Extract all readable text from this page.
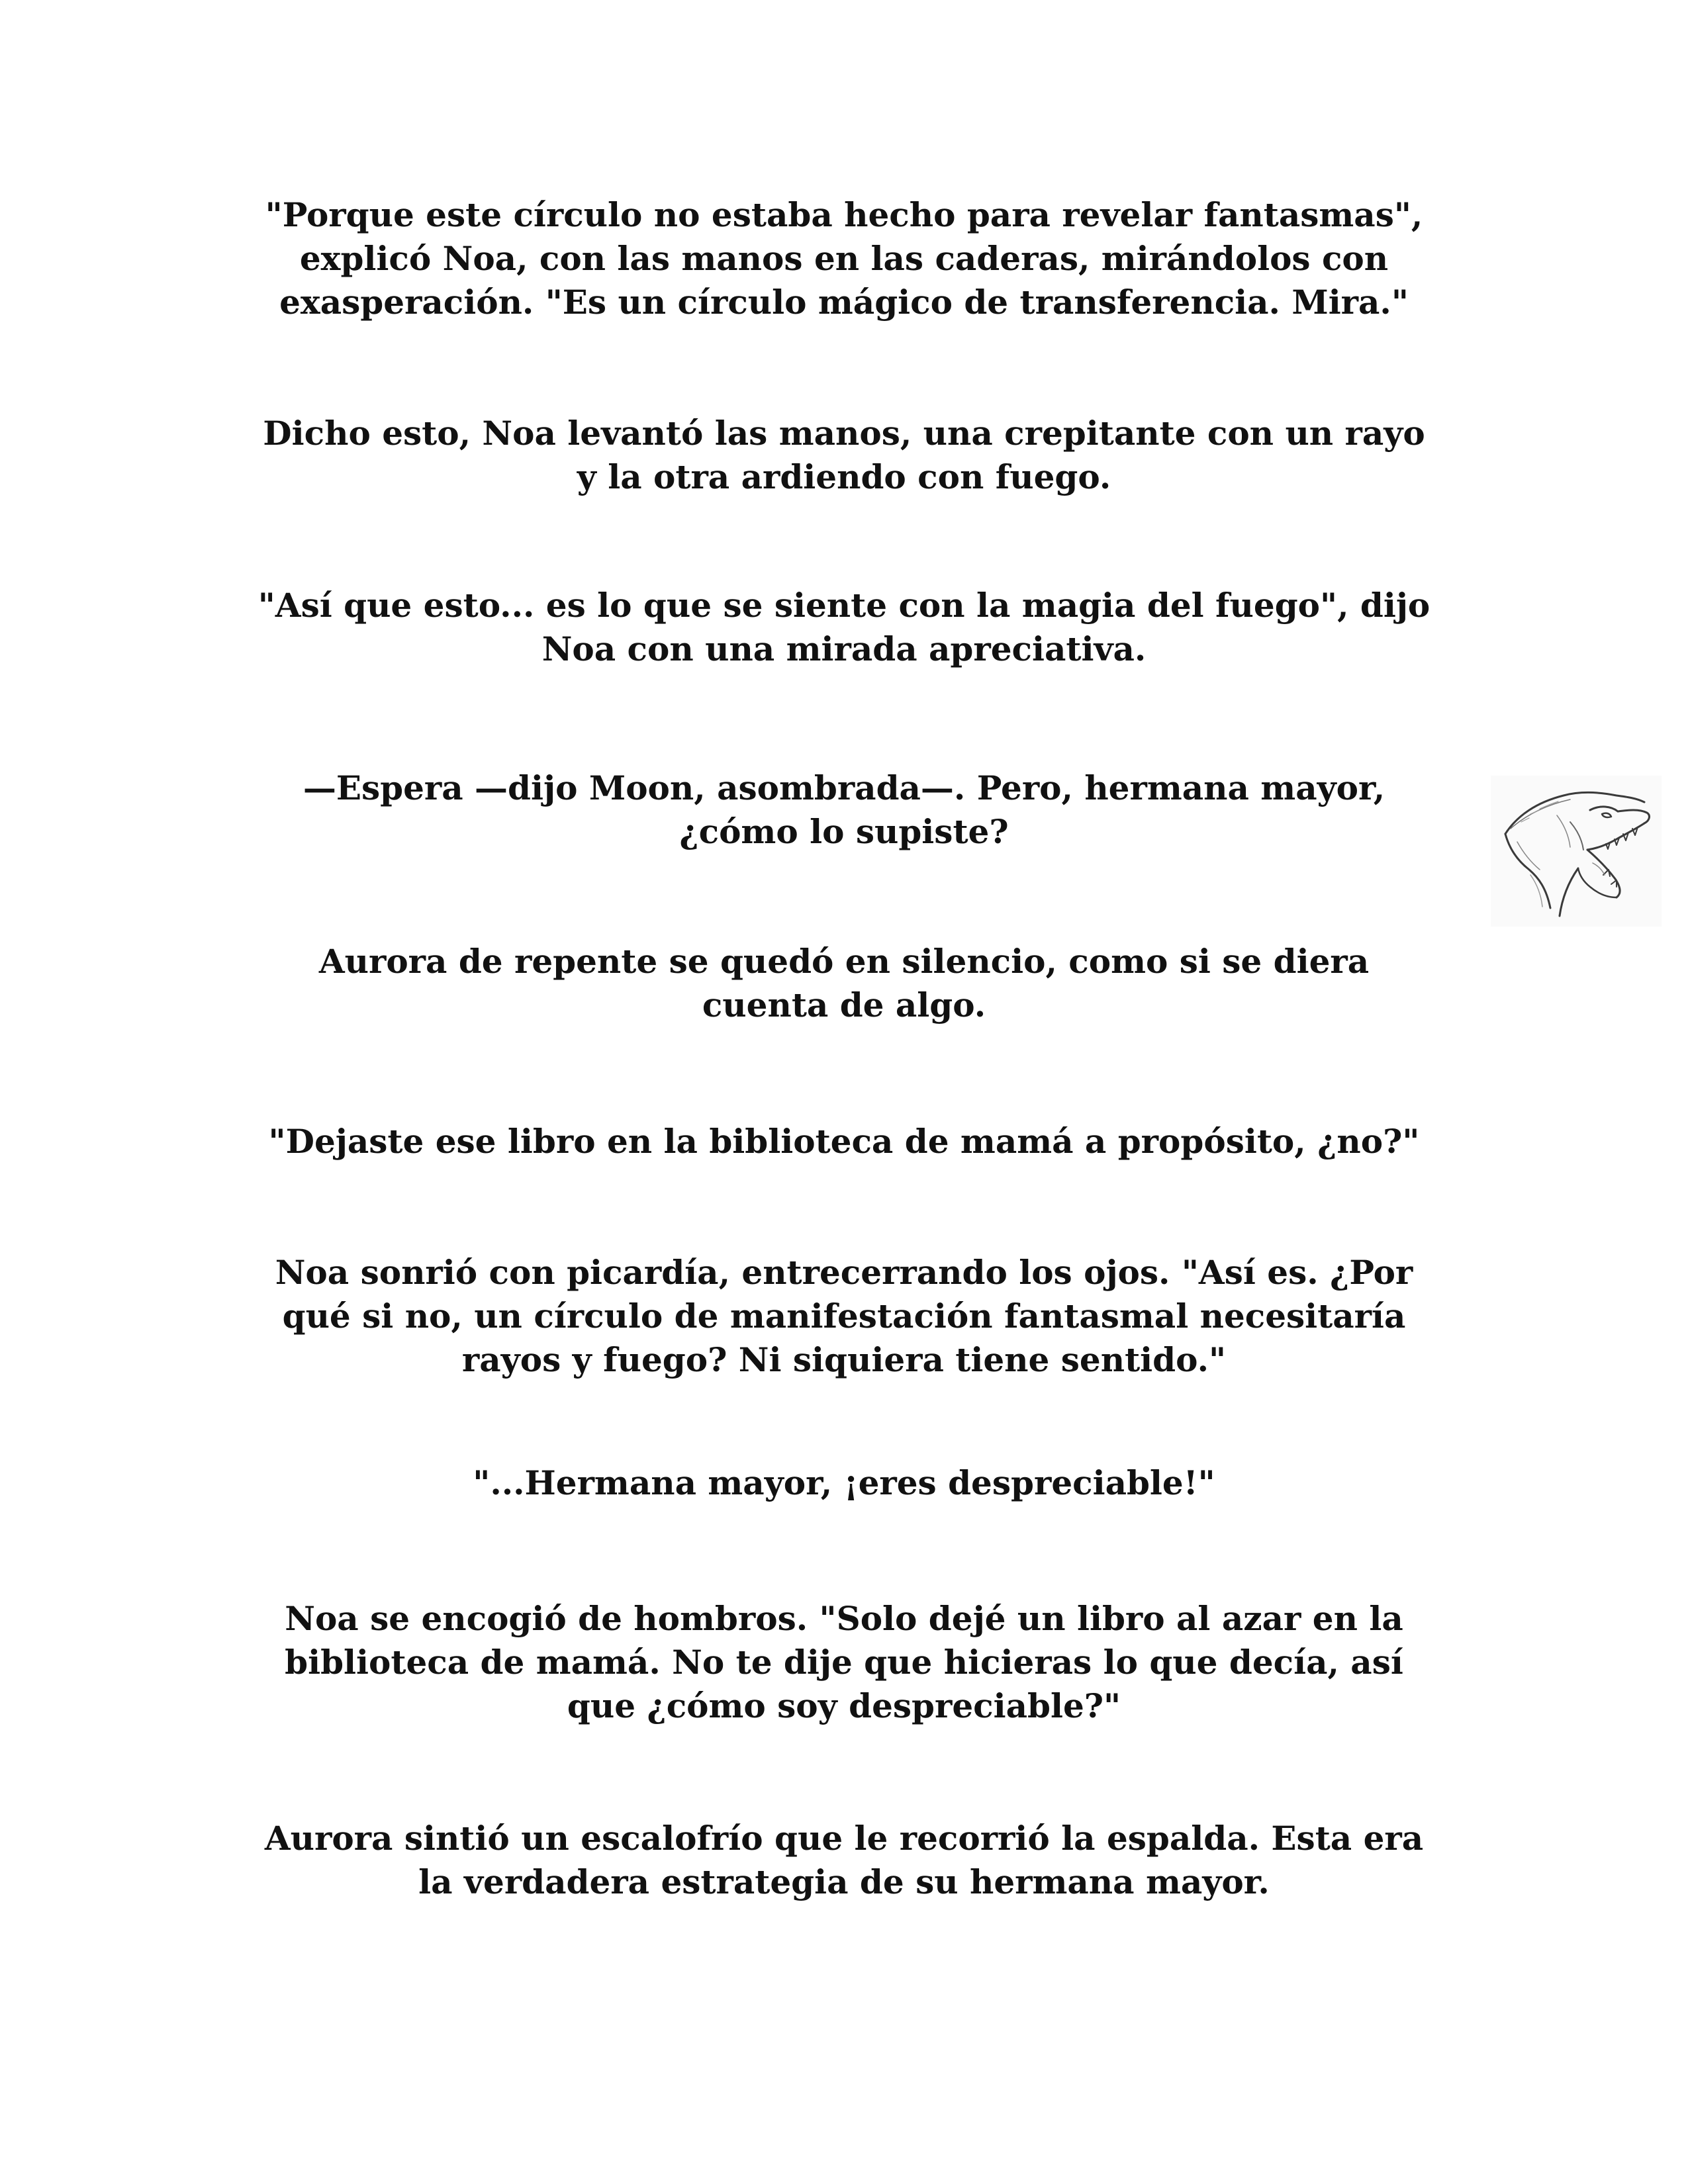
"Porque este círculo no estaba hecho para revelar fantasmas",
explicó Noa, con las manos en las caderas, mirándolos con
exasperación. "Es un círculo mágico de transferencia. Mira."

Dicho esto, Noa levantó las manos, una crepitante con un rayo
y la otra ardiendo con fuego.

"Así que esto... es lo que se siente con la magia del fuego", dijo
Noa con una mirada apreciativa.

—Espera —dijo Moon, asombrada—. Pero, hermana mayor,
¿cómo lo supiste?

Aurora de repente se quedó en silencio, como si se diera
cuenta de algo.

"Dejaste ese libro en la biblioteca de mamá a propósito, ¿no?"

Noa sonrió con picardía, entrecerrando los ojos. "Así es. ¿Por
qué si no, un círculo de manifestación fantasmal necesitaría
rayos y fuego? Ni siquiera tiene sentido."

"...Hermana mayor, ¡eres despreciable!"

Noa se encogió de hombros. "Solo dejé un libro al azar en la
biblioteca de mamá. No te dije que hicieras lo que decía, así
que ¿cómo soy despreciable?"

Aurora sintió un escalofrío que le recorrió la espalda. Esta era
la verdadera estrategia de su hermana mayor.
